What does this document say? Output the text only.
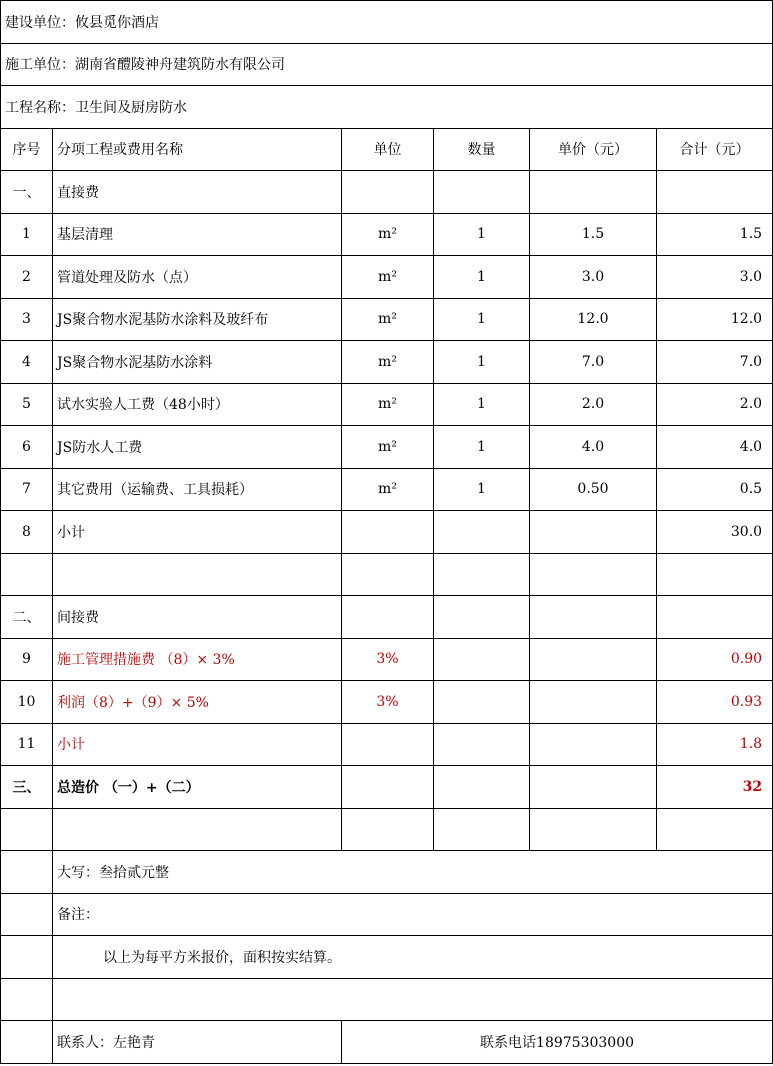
建设单位：攸县觅你酒店					
施工单位：湖南省醴陵神舟建筑防水有限公司					
工程名称：卫生间及厨房防水					
序号	分项工程或费用名称	单位	数量	单价（元）	合计（元）
一、	直接费				
1	基层清理	m²	1	1.5	1.5
2	管道处理及防水（点）	m²	1	3.0	3.0
3	JS聚合物水泥基防水涂料及玻纤布	m²	1	12.0	12.0
4	JS聚合物水泥基防水涂料	m²	1	7.0	7.0
5	试水实验人工费（48小时）	m²	1	2.0	2.0
6	JS防水人工费	m²	1	4.0	4.0
7	其它费用（运输费、工具损耗）	m²	1	0.50	0.5
8	小计				30.0

二、	间接费				
9	施工管理措施费 （8）× 3%	3%			0.90
10	利润（8）+（9）× 5%	3%			0.93
11	小计				1.8
三、	总造价 （一）+（二）				32

	大写：叁拾贰元整				
	备注：				
	以上为每平方米报价，面积按实结算。				

	联系人：左艳青	联系电话18975303000			
